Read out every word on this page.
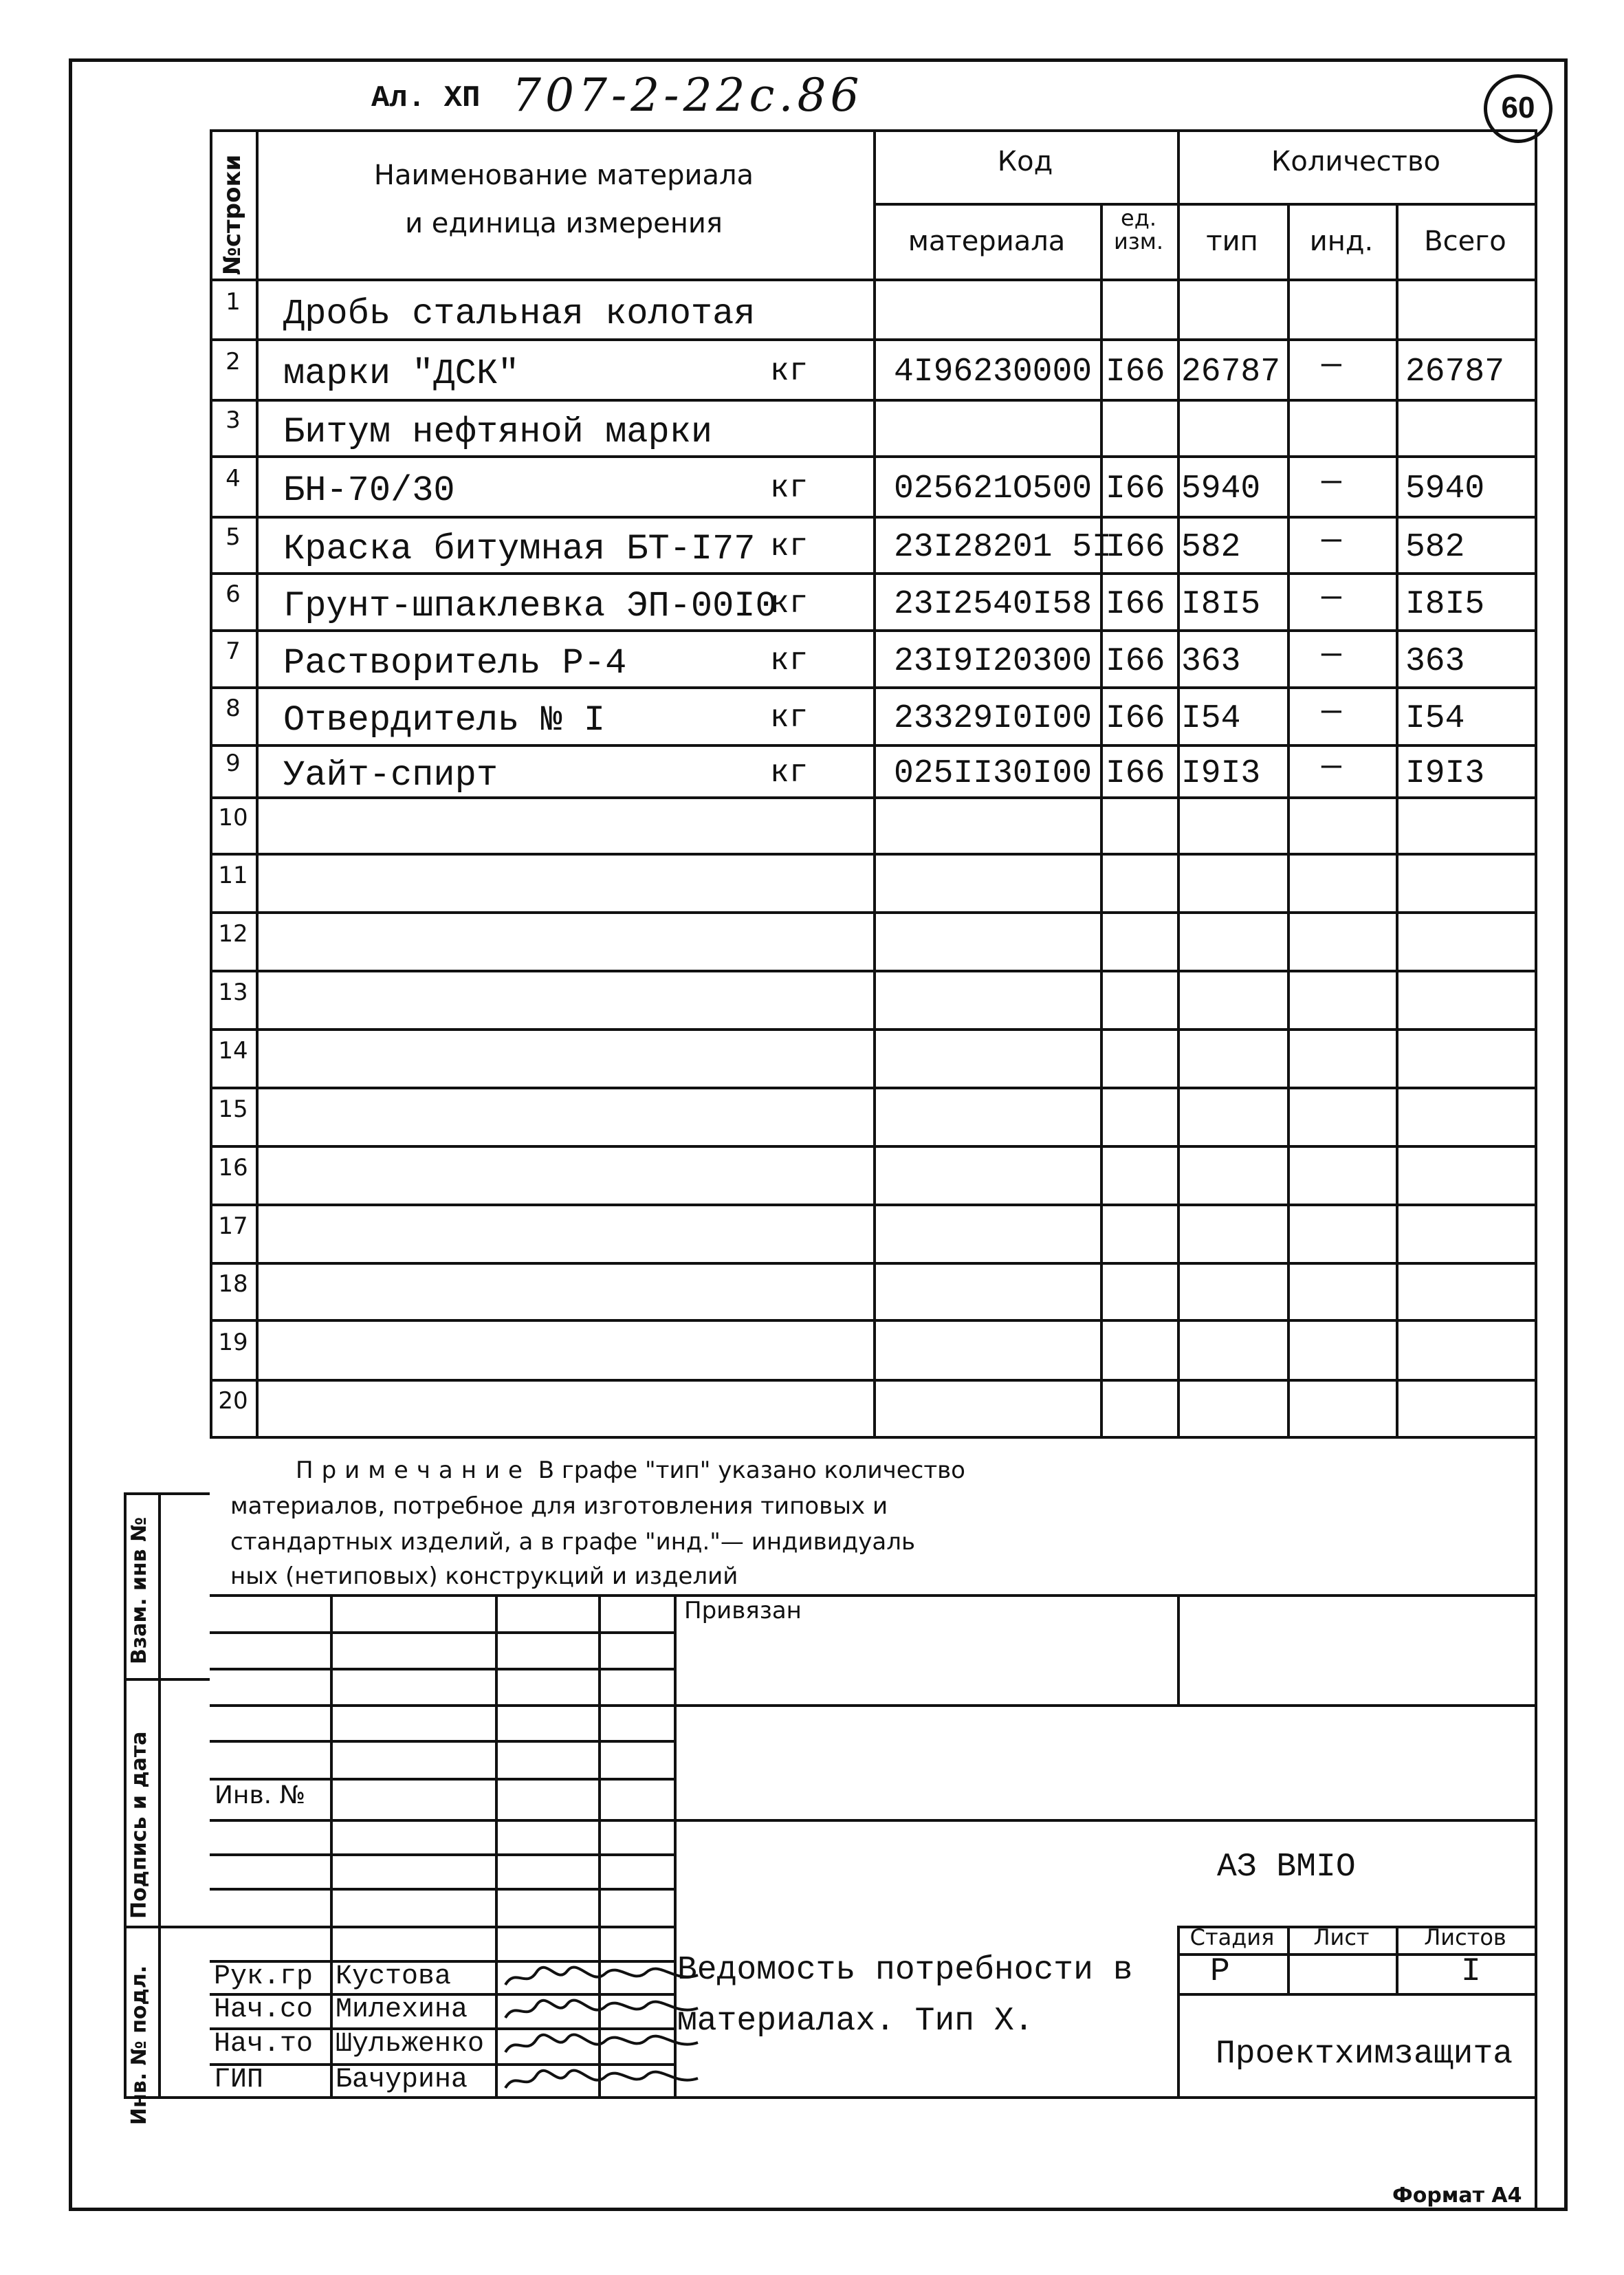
Ал. ХП 707-2-22с.86	60
№строки	Наименование материала
и единица измерения
Код	Количество
материала
ед.
изм.	тип	инд.	Всего
1	Дробь стальная колотая
2	марки "ДСК"	кг	4I96230000 I66 26787 — 26787
3	Битум нефтяной марки
4	БН-70/30	кг	025621O500 I66 5940 — 5940
5	Краска битумная БТ-I77 кг	23I28201 5I
I66 582 — 582
6	Грунт-шпаклевка ЭП-00I0
кг	23I2540I58 I66 I8I5 — I8I5
7	Растворитель Р-4	кг	23I9I20300 I66 363 — 363
8	Отвердитель № I	кг	23329I0I00 I66 I54 — I54
9	Уайт-спирт	кг	025II30I00 I66 I9I3 — I9I3
10
11
12
13
14
15
16
17
18
19
20
Примечание В графе "тип" указано количество
материалов, потребное для изготовления типовых и
стандартных изделий, а в графе "инд."— индивидуаль
ных (нетиповых) конструкций и изделий
Инв. № подл.
Подпись и дата
Взам. инв №	Привязан
Инв. №
АЗ ВМIO
Стадия	Лист	Листов
Р	I
Ведомость потребности в
материалах. Тип Х.
Проектхимзащита
Рук.гр Кустова
Нач.со Милехина
Нач.то Шульженко
ГИП	Бачурина
Формат А4
